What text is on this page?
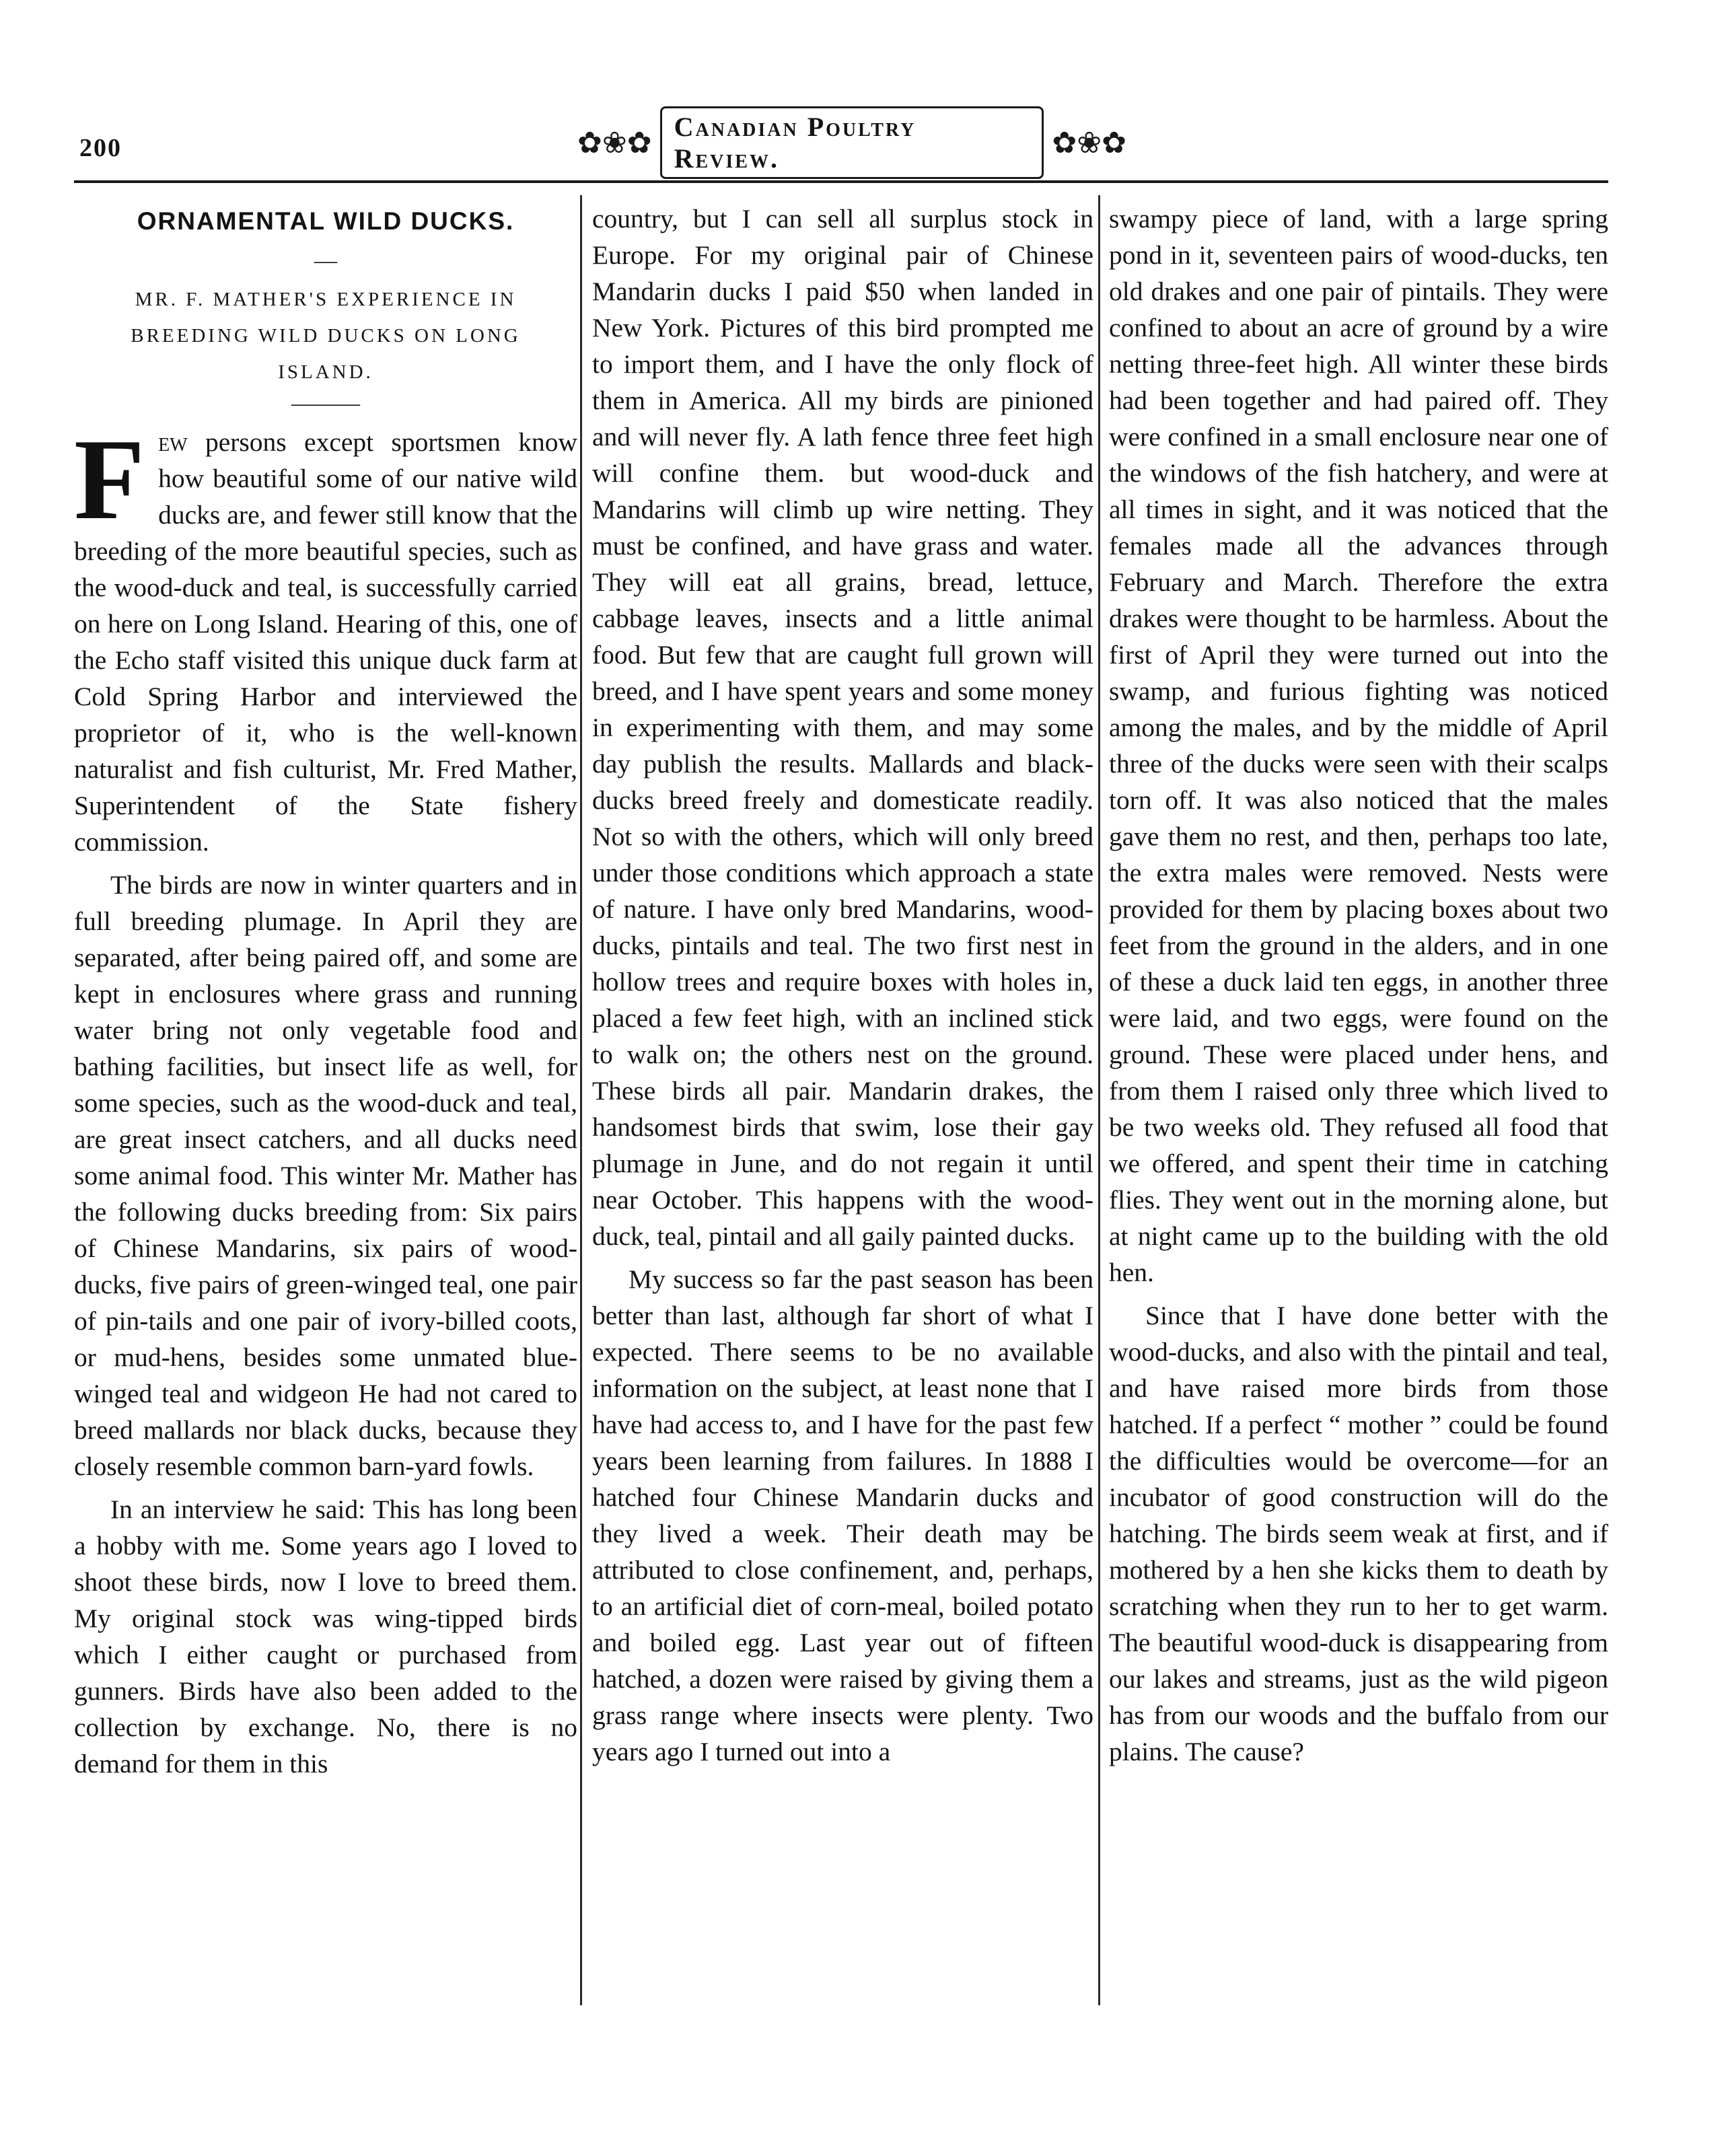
200	✿❀✿ Canadian Poultry Review.	✿❀✿
ORNAMENTAL WILD DUCKS.
—
MR. F. MATHER'S EXPERIENCE IN BREEDING WILD DUCKS ON LONG ISLAND.
———

Few persons except sportsmen know how beautiful some of our native wild ducks are, and fewer still know that the breeding of the more beautiful species, such as the wood-duck and teal, is successfully carried on here on Long Island. Hearing of this, one of the Echo staff visited this unique duck farm at Cold Spring Harbor and interviewed the proprietor of it, who is the well-known naturalist and fish culturist, Mr. Fred Mather, Superintendent of the State fishery commission.

The birds are now in winter quarters and in full breeding plumage. In April they are separated, after being paired off, and some are kept in enclosures where grass and running water bring not only vegetable food and bathing facilities, but insect life as well, for some species, such as the wood-duck and teal, are great insect catchers, and all ducks need some animal food. This winter Mr. Mather has the following ducks breeding from: Six pairs of Chinese Mandarins, six pairs of wood-ducks, five pairs of green-winged teal, one pair of pin-tails and one pair of ivory-billed coots, or mud-hens, besides some unmated blue-winged teal and widgeon He had not cared to breed mallards nor black ducks, because they closely resemble common barn-yard fowls.

In an interview he said: This has long been a hobby with me. Some years ago I loved to shoot these birds, now I love to breed them. My original stock was wing-tipped birds which I either caught or purchased from gunners. Birds have also been added to the collection by exchange. No, there is no demand for them in this

country, but I can sell all surplus stock in Europe. For my original pair of Chinese Mandarin ducks I paid $50 when landed in New York. Pictures of this bird prompted me to import them, and I have the only flock of them in America. All my birds are pinioned and will never fly. A lath fence three feet high will confine them. but wood-duck and Mandarins will climb up wire netting. They must be confined, and have grass and water. They will eat all grains, bread, lettuce, cabbage leaves, insects and a little animal food. But few that are caught full grown will breed, and I have spent years and some money in experimenting with them, and may some day publish the results. Mallards and black-ducks breed freely and domesticate readily. Not so with the others, which will only breed under those conditions which approach a state of nature. I have only bred Mandarins, wood-ducks, pintails and teal. The two first nest in hollow trees and require boxes with holes in, placed a few feet high, with an inclined stick to walk on; the others nest on the ground. These birds all pair. Mandarin drakes, the handsomest birds that swim, lose their gay plumage in June, and do not regain it until near October. This happens with the wood-duck, teal, pintail and all gaily painted ducks.

My success so far the past season has been better than last, although far short of what I expected. There seems to be no available information on the subject, at least none that I have had access to, and I have for the past few years been learning from failures. In 1888 I hatched four Chinese Mandarin ducks and they lived a week. Their death may be attributed to close confinement, and, perhaps, to an artificial diet of corn-meal, boiled potato and boiled egg. Last year out of fifteen hatched, a dozen were raised by giving them a grass range where insects were plenty. Two years ago I turned out into a

swampy piece of land, with a large spring pond in it, seventeen pairs of wood-ducks, ten old drakes and one pair of pintails. They were confined to about an acre of ground by a wire netting three-feet high. All winter these birds had been together and had paired off. They were confined in a small enclosure near one of the windows of the fish hatchery, and were at all times in sight, and it was noticed that the females made all the advances through February and March. Therefore the extra drakes were thought to be harmless. About the first of April they were turned out into the swamp, and furious fighting was noticed among the males, and by the middle of April three of the ducks were seen with their scalps torn off. It was also noticed that the males gave them no rest, and then, perhaps too late, the extra males were removed. Nests were provided for them by placing boxes about two feet from the ground in the alders, and in one of these a duck laid ten eggs, in another three were laid, and two eggs, were found on the ground. These were placed under hens, and from them I raised only three which lived to be two weeks old. They refused all food that we offered, and spent their time in catching flies. They went out in the morning alone, but at night came up to the building with the old hen.

Since that I have done better with the wood-ducks, and also with the pintail and teal, and have raised more birds from those hatched. If a perfect “ mother ” could be found the difficulties would be overcome—for an incubator of good construction will do the hatching. The birds seem weak at first, and if mothered by a hen she kicks them to death by scratching when they run to her to get warm. The beautiful wood-duck is disappearing from our lakes and streams, just as the wild pigeon has from our woods and the buffalo from our plains. The cause?
